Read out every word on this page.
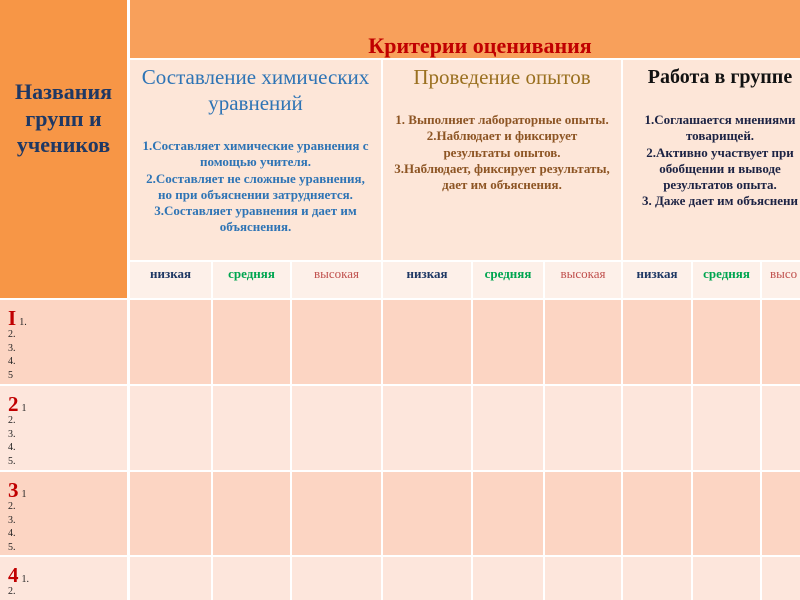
Названия
групп и
учеников
Критерии оценивания
Составление химических
уравнений
1.Составляет химические уравнения с
помощью учителя.
2.Составляет не сложные уравнения,
но при объяснении затрудняется.
3.Составляет уравнения и дает им
объяснения.
Проведение опытов
1. Выполняет лабораторные опыты.
2.Наблюдает и фиксирует
результаты опытов.
3.Наблюдает, фиксирует результаты,
дает им объяснения.
Работа в группе
1.Соглашается мнениями
товарищей.
2.Активно участвует при
обобщении и выводе
результатов опыта.
3. Даже дает им объяснени
низкая	средняя	высокая	низкая	средняя	высокая	низкая	средняя	высо
I 1.
2.
3.
4.
5
2 1
2.
3.
4.
5.
3 1
2.
3.
4.
5.
4 1.
2.
